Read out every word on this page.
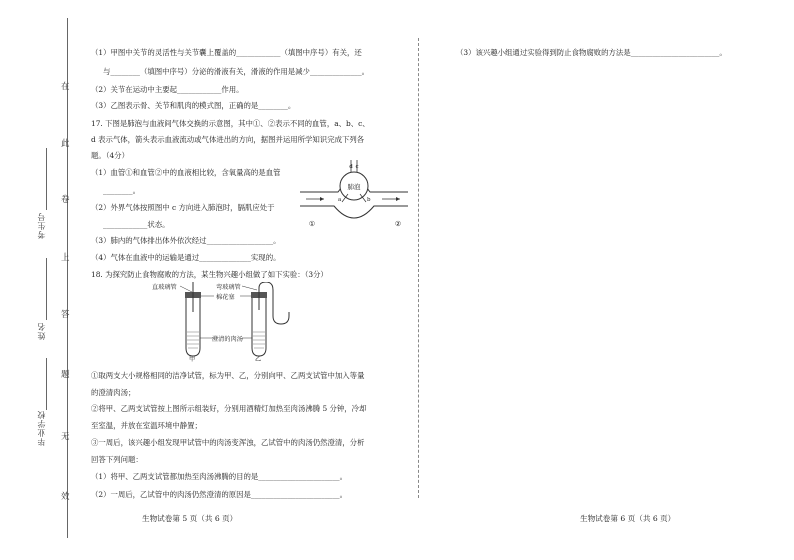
在
此
卷
上
答
题
无
效
考生号
姓名
毕业学校
（1）甲图中关节的灵活性与关节囊上覆盖的____________（填图中序号）有关，还
与________（填图中序号）分泌的滑液有关，滑液的作用是减少______________。
（2）关节在运动中主要起____________作用。
（3）乙图表示骨、关节和肌肉的模式图，正确的是________。
17. 下图是肺泡与血液间气体交换的示意图，其中①、②表示不同的血管，a、b、c、
d 表示气体，箭头表示血液流动或气体进出的方向，据图并运用所学知识完成下列各
题。（4分）
（1）血管①和血管②中的血液相比较，含氧量高的是血管
________。
（2）外界气体按照图中 c 方向进入肺泡时，膈肌应处于
____________状态。
（3）肺内的气体排出体外依次经过__________________。
（4）气体在血液中的运输是通过______________实现的。
18. 为探究防止食物腐败的方法，某生物兴趣小组做了如下实验：（3分）
①取两支大小规格相同的洁净试管，标为甲、乙，分别向甲、乙两支试管中加入等量
的澄清肉汤；
②将甲、乙两支试管按上图所示组装好，分别用酒精灯加热至肉汤沸腾 5 分钟，冷却
至室温，并放在室温环境中静置；
③一周后，该兴趣小组发现甲试管中的肉汤变浑浊，乙试管中的肉汤仍然澄清，分析
回答下列问题：
（1）将甲、乙两支试管都加热至肉汤沸腾的目的是______________________。
（2）一周后，乙试管中的肉汤仍然澄清的原因是________________________。
肺泡
d c
a	b
①	②
直玻璃管	弯玻璃管
棉花塞
澄清的肉汤
甲	乙
生物试卷第 5 页（共 6 页）
（3）该兴趣小组通过实验得到防止食物腐败的方法是________________________。
生物试卷第 6 页（共 6 页）
